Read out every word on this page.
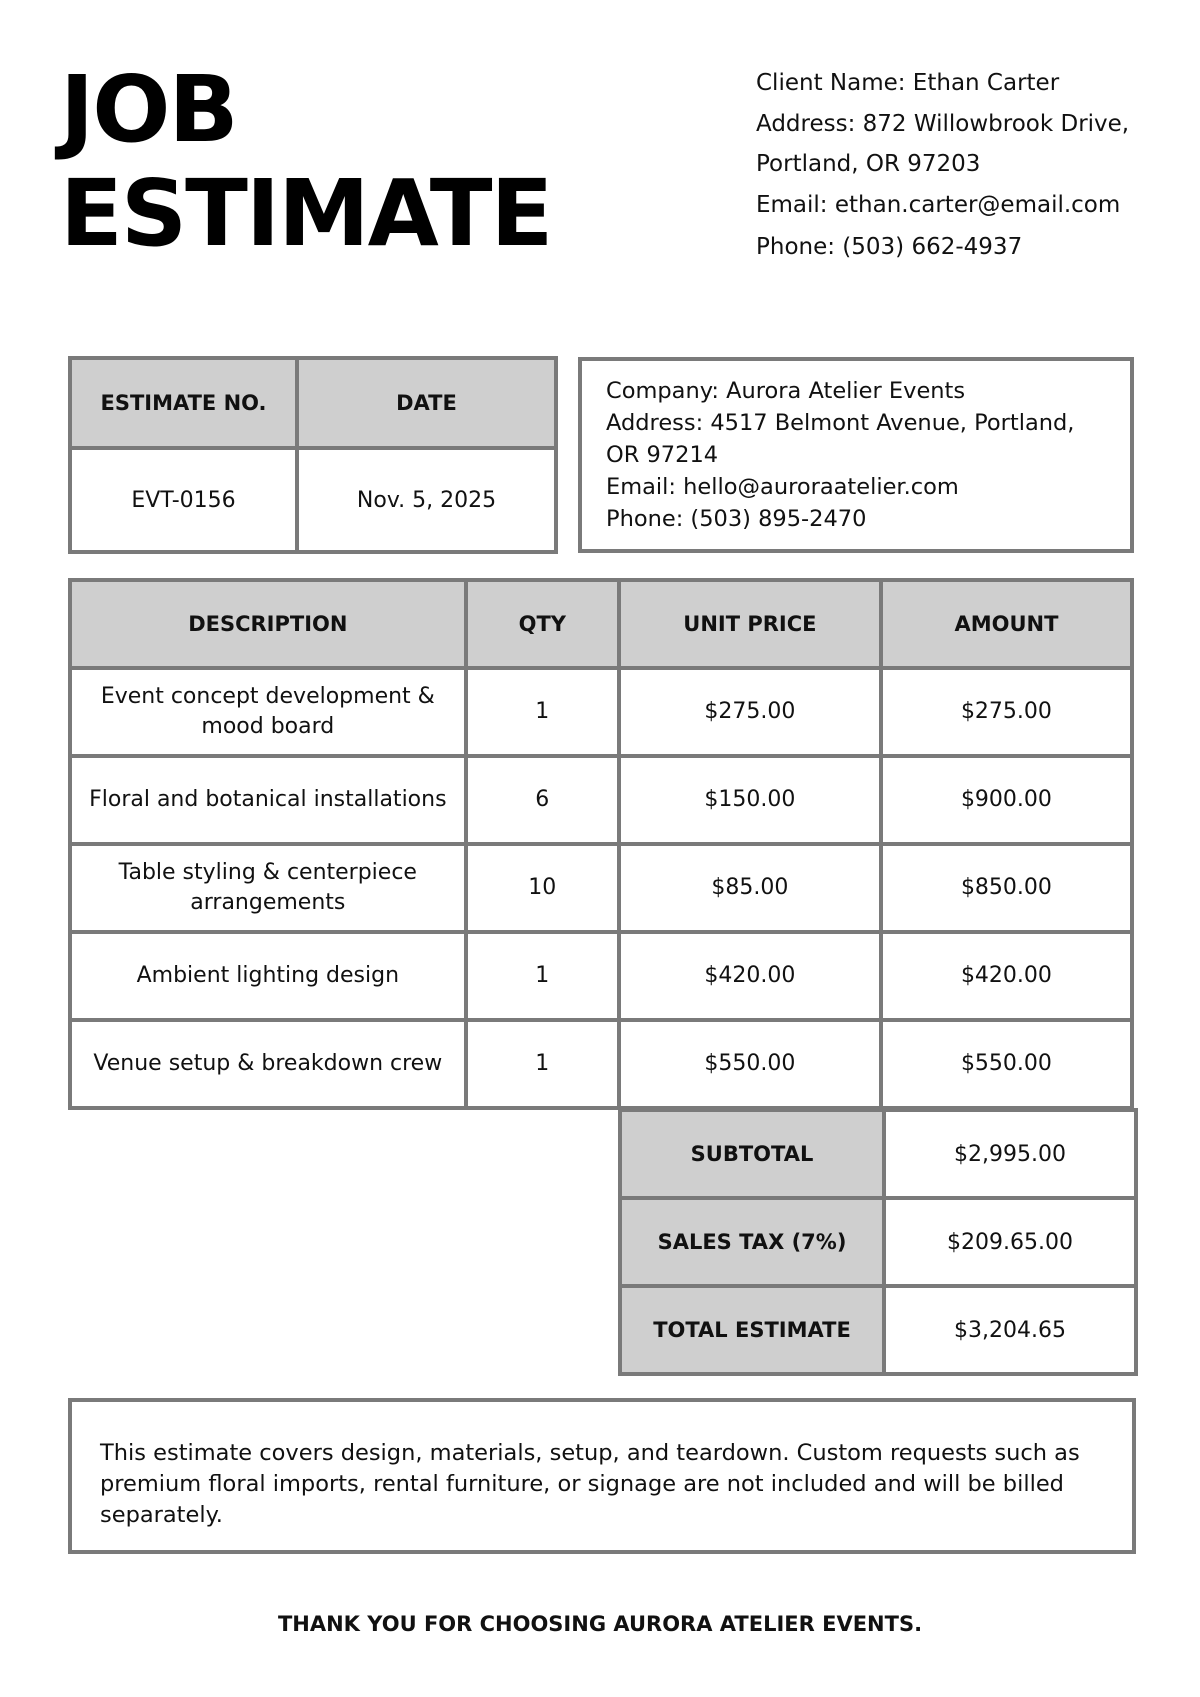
JOB
ESTIMATE
Client Name: Ethan Carter
Address: 872 Willowbrook Drive,
Portland, OR 97203
Email: ethan.carter@email.com
Phone: (503) 662-4937
ESTIMATE NO.	DATE
EVT-0156	Nov. 5, 2025
Company: Aurora Atelier Events
Address: 4517 Belmont Avenue, Portland,
OR 97214
Email: hello@auroraatelier.com
Phone: (503) 895-2470
DESCRIPTION	QTY	UNIT PRICE	AMOUNT
Event concept development & mood board	1	$275.00	$275.00
Floral and botanical installations	6	$150.00	$900.00
Table styling & centerpiece arrangements	10	$85.00	$850.00
Ambient lighting design	1	$420.00	$420.00
Venue setup & breakdown crew	1	$550.00	$550.00
SUBTOTAL	$2,995.00
SALES TAX (7%)	$209.65.00
TOTAL ESTIMATE	$3,204.65

This estimate covers design, materials, setup, and teardown. Custom requests such as premium floral imports, rental furniture, or signage are not included and will be billed separately.

THANK YOU FOR CHOOSING AURORA ATELIER EVENTS.
